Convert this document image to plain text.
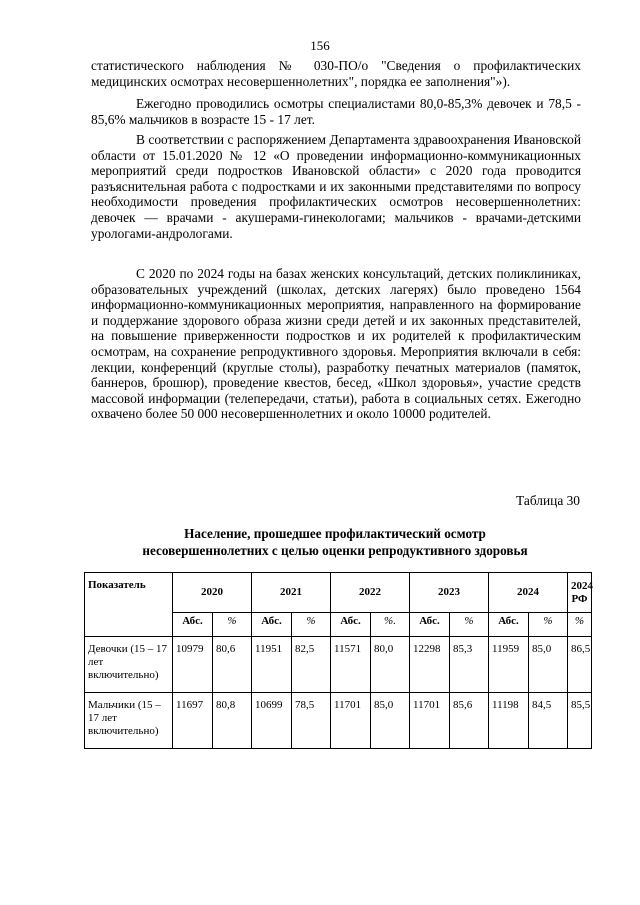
156

статистического наблюдения № 030-ПО/о "Сведения о профилактических медицинских осмотрах несовершеннолетних", порядка ее заполнения"»).

Ежегодно проводились осмотры специалистами 80,0-85,3% девочек и 78,5 - 85,6% мальчиков в возрасте 15 - 17 лет.

В соответствии с распоряжением Департамента здравоохранения Ивановской области от 15.01.2020 № 12 «О проведении информационно-коммуникационных мероприятий среди подростков Ивановской области» с 2020 года проводится разъяснительная работа с подростками и их законными представителями по вопросу необходимости проведения профилактических осмотров несовершеннолетних: девочек — врачами - акушерами-гинекологами; мальчиков - врачами-детскими урологами-андрологами.

С 2020 по 2024 годы на базах женских консультаций, детских поликлиниках, образовательных учреждений (школах, детских лагерях) было проведено 1564 информационно-коммуникационных мероприятия, направленного на формирование и поддержание здорового образа жизни среди детей и их законных представителей, на повышение приверженности подростков и их родителей к профилактическим осмотрам, на сохранение репродуктивного здоровья. Мероприятия включали в себя: лекции, конференций (круглые столы), разработку печатных материалов (памяток, баннеров, брошюр), проведение квестов, бесед, «Школ здоровья», участие средств массовой информации (телепередачи, статьи), работа в социальных сетях. Ежегодно охвачено более 50 000 несовершеннолетних и около 10000 родителей.

Таблица 30
Население, прошедшее профилактический осмотр
несовершеннолетних с целью оценки репродуктивного здоровья
Показатель	2020		2021		2022		2023		2024		2024 РФ
	Абс.	%	Абс.	%	Абс.	%.	Абс.	%	Абс.	%	%
Девочки (15 – 17 лет включительно)	10979	80,6	11951	82,5	11571	80,0	12298	85,3	11959	85,0	86,5
Мальчики (15 – 17 лет включительно)	11697	80,8	10699	78,5	11701	85,0	11701	85,6	11198	84,5	85,5
